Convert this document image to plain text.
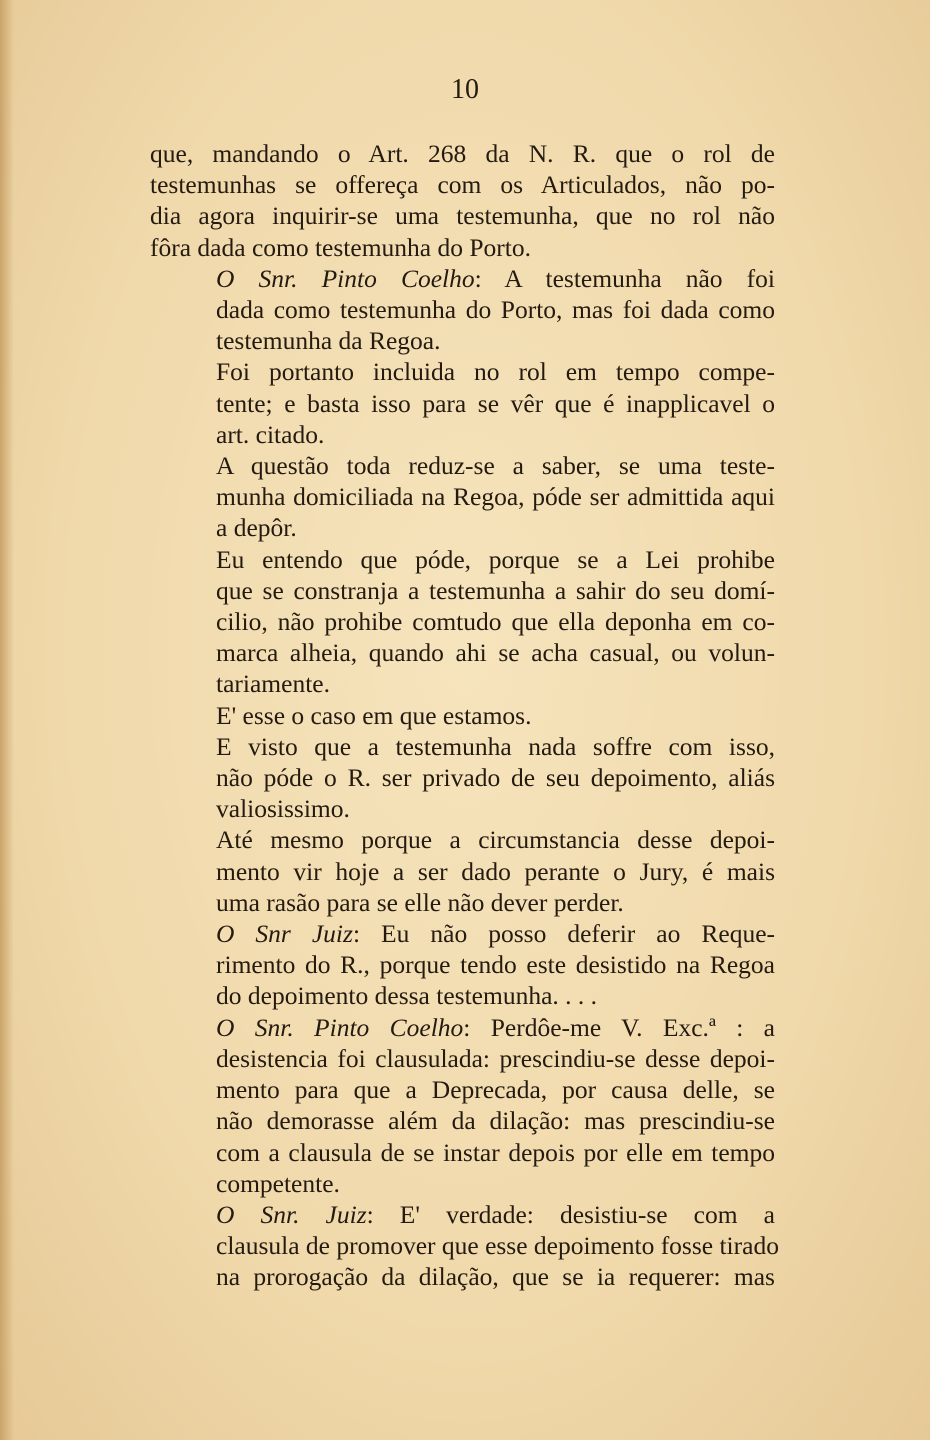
10
que, mandando o Art. 268 da N. R. que o rol de
testemunhas se offereça com os Articulados, não po-
dia agora inquirir-se uma testemunha, que no rol não
fôra dada como testemunha do Porto.
O Snr. Pinto Coelho: A testemunha não foi
dada como testemunha do Porto, mas foi dada como
testemunha da Regoa.
Foi portanto incluida no rol em tempo compe-
tente; e basta isso para se vêr que é inapplicavel o
art. citado.
A questão toda reduz-se a saber, se uma teste-
munha domiciliada na Regoa, póde ser admittida aqui
a depôr.
Eu entendo que póde, porque se a Lei prohibe
que se constranja a testemunha a sahir do seu domí-
cilio, não prohibe comtudo que ella deponha em co-
marca alheia, quando ahi se acha casual, ou volun-
tariamente.
E' esse o caso em que estamos.
E visto que a testemunha nada soffre com isso,
não póde o R. ser privado de seu depoimento, aliás
valiosissimo.
Até mesmo porque a circumstancia desse depoi-
mento vir hoje a ser dado perante o Jury, é mais
uma rasão para se elle não dever perder.
O Snr Juiz: Eu não posso deferir ao Reque-
rimento do R., porque tendo este desistido na Regoa
do depoimento dessa testemunha. . . .
O Snr. Pinto Coelho: Perdôe-me V. Exc.ª : a
desistencia foi clausulada: prescindiu-se desse depoi-
mento para que a Deprecada, por causa delle, se
não demorasse além da dilação: mas prescindiu-se
com a clausula de se instar depois por elle em tempo
competente.
O Snr. Juiz: E' verdade: desistiu-se com a
clausula de promover que esse depoimento fosse tirado
na prorogação da dilação, que se ia requerer: mas
